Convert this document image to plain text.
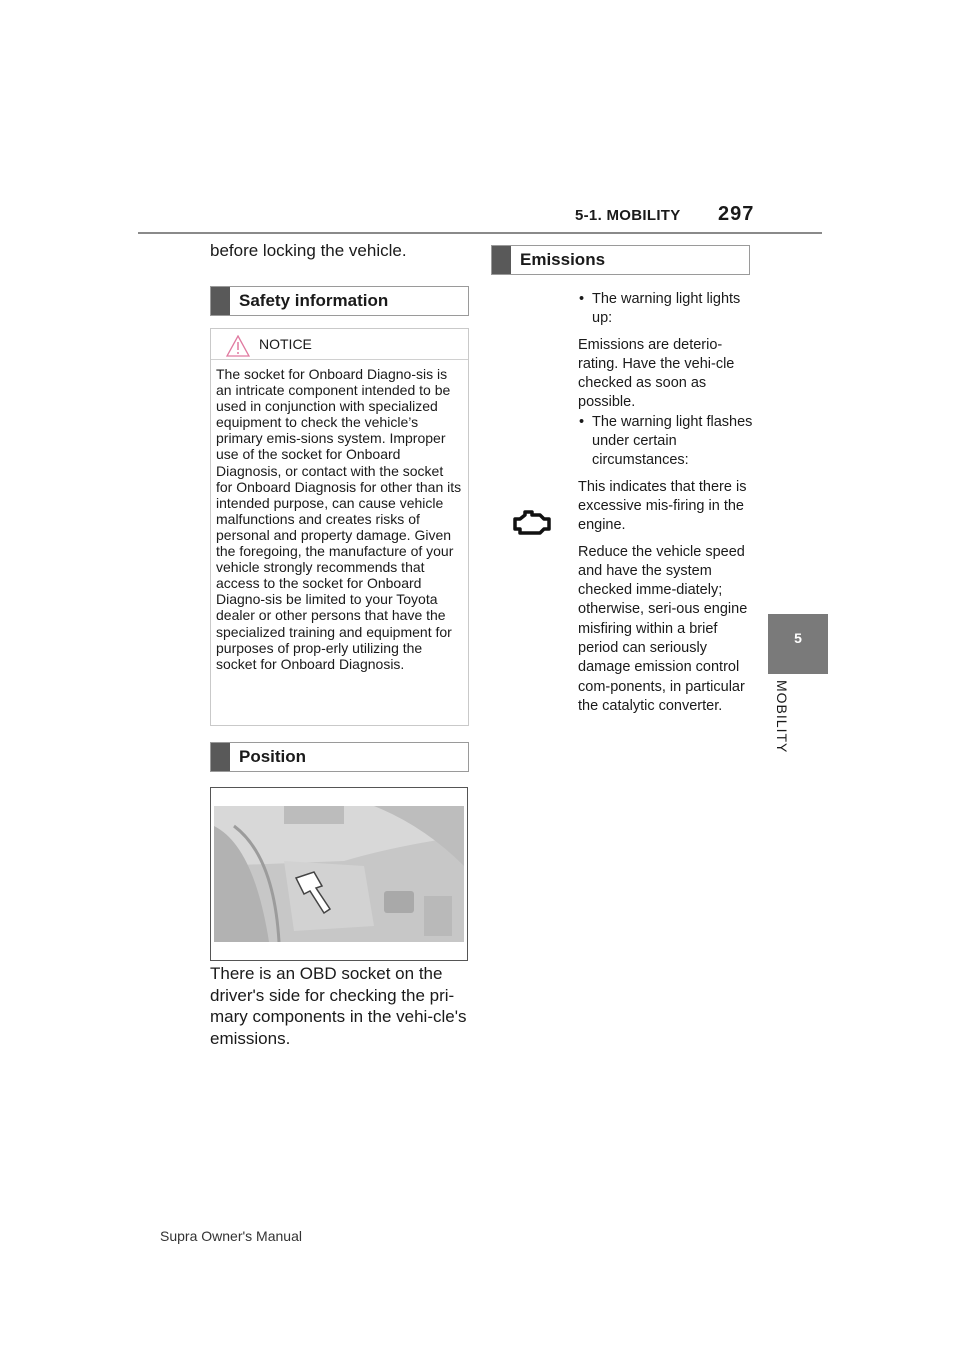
5-1. MOBILITY 297
5
MOBILITY
before locking the vehicle.
Safety information
NOTICE
The socket for Onboard Diagno-sis is an intricate component intended to be used in conjunction with specialized equipment to check the vehicle’s primary emis-sions system. Improper use of the socket for Onboard Diagnosis, or contact with the socket for Onboard Diagnosis for other than its intended purpose, can cause vehicle malfunctions and creates risks of personal and property damage. Given the foregoing, the manufacture of your vehicle strongly recommends that access to the socket for Onboard Diagno-sis be limited to your Toyota dealer or other persons that have the specialized training and equipment for purposes of prop-erly utilizing the socket for Onboard Diagnosis.
Position
There is an OBD socket on the driver's side for checking the pri-mary components in the vehi-cle's emissions.
Emissions

• The warning light lights up:

Emissions are deterio-rating. Have the vehi-cle checked as soon as possible.

• The warning light flashes under certain circumstances:

This indicates that there is excessive mis-firing in the engine.

Reduce the vehicle speed and have the system checked imme-diately; otherwise, seri-ous engine misfiring within a brief period can seriously damage emission control com-ponents, in particular the catalytic converter.

Supra Owner's Manual
